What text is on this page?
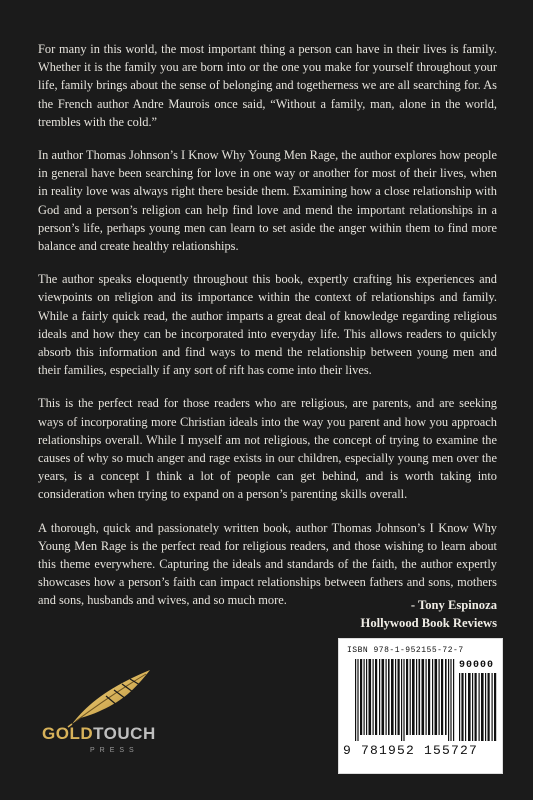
For many in this world, the most important thing a person can have in their lives is family. Whether it is the family you are born into or the one you make for yourself throughout your life, family brings about the sense of belonging and togetherness we are all searching for. As the French author Andre Maurois once said, “Without a family, man, alone in the world, trembles with the cold.”

In author Thomas Johnson’s I Know Why Young Men Rage, the author explores how people in general have been searching for love in one way or another for most of their lives, when in reality love was always right there beside them. Examining how a close relationship with God and a person’s religion can help find love and mend the important relationships in a person’s life, perhaps young men can learn to set aside the anger within them to find more balance and create healthy relationships.

The author speaks eloquently throughout this book, expertly crafting his experiences and viewpoints on religion and its importance within the context of relationships and family. While a fairly quick read, the author imparts a great deal of knowledge regarding religious ideals and how they can be incorporated into everyday life. This allows readers to quickly absorb this information and find ways to mend the relationship between young men and their families, especially if any sort of rift has come into their lives.

This is the perfect read for those readers who are religious, are parents, and are seeking ways of incorporating more Christian ideals into the way you parent and how you approach relationships overall. While I myself am not religious, the concept of trying to examine the causes of why so much anger and rage exists in our children, especially young men over the years, is a concept I think a lot of people can get behind, and is worth taking into consideration when trying to expand on a person’s parenting skills overall.

A thorough, quick and passionately written book, author Thomas Johnson’s I Know Why Young Men Rage is the perfect read for religious readers, and those wishing to learn about this theme everywhere. Capturing the ideals and standards of the faith, the author expertly showcases how a person’s faith can impact relationships between fathers and sons, mothers and sons, husbands and wives, and so much more.	- Tony Espinoza
Hollywood Book Reviews
GOLDTOUCH
PRESS
ISBN 978-1-952155-72-7
90000
9 781952 155727
